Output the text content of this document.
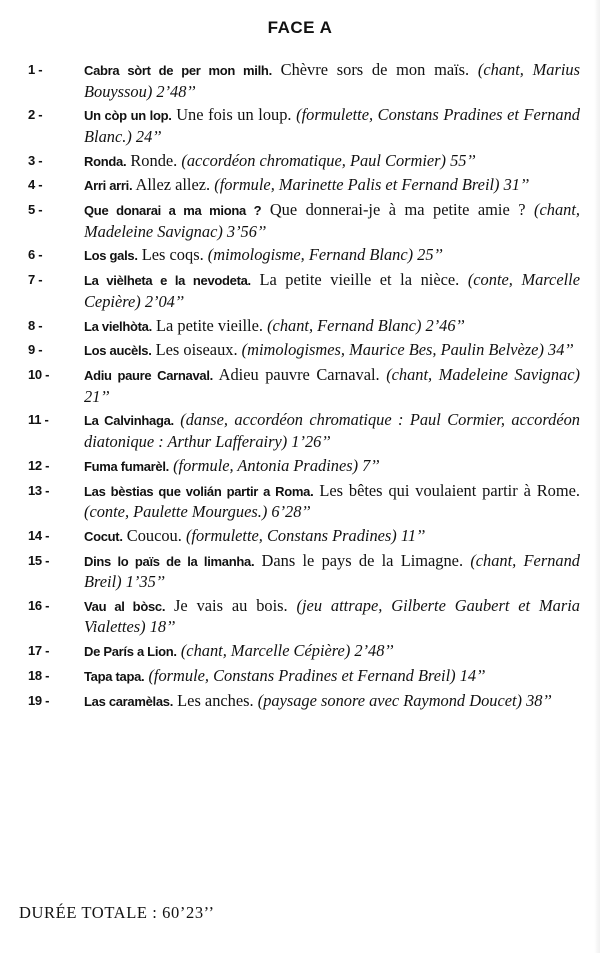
FACE A
1 -	Cabra sòrt de per mon milh. Chèvre sors de mon maïs. (chant, Marius Bouyssou) 2’48’’
2 -	Un còp un lop. Une fois un loup. (formulette, Constans Pradines et Fernand Blanc.) 24’’
3 -	Ronda. Ronde. (accordéon chromatique, Paul Cormier) 55’’
4 -	Arri arri. Allez allez. (formule, Marinette Palis et Fernand Breil) 31’’
5 -	Que donarai a ma miona ? Que donnerai-je à ma petite amie ? (chant, Madeleine Savignac) 3’56’’
6 -	Los gals. Les coqs. (mimologisme, Fernand Blanc) 25’’
7 -	La vièlheta e la nevodeta. La petite vieille et la nièce. (conte, Marcelle Cepière) 2’04’’
8 -	La vielhòta. La petite vieille. (chant, Fernand Blanc) 2’46’’
9 -	Los aucèls. Les oiseaux. (mimologismes, Maurice Bes, Paulin Belvèze) 34’’
10 -	Adiu paure Carnaval. Adieu pauvre Carnaval. (chant, Madeleine Savignac) 21’’
11 -	La Calvinhaga. (danse, accordéon chromatique : Paul Cormier, accordéon diatonique : Arthur Lafferairy) 1’26’’
12 -	Fuma fumarèl. (formule, Antonia Pradines) 7’’
13 -	Las bèstias que volián partir a Roma. Les bêtes qui voulaient partir à Rome. (conte, Paulette Mourgues.) 6’28’’
14 -	Cocut. Coucou. (formulette, Constans Pradines) 11’’
15 -	Dins lo païs de la limanha. Dans le pays de la Limagne. (chant, Fernand Breil) 1’35’’
16 -	Vau al bòsc. Je vais au bois. (jeu attrape, Gilberte Gaubert et Maria Vialettes) 18’’
17 -	De París a Lion. (chant, Marcelle Cépière) 2’48’’
18 -	Tapa tapa. (formule, Constans Pradines et Fernand Breil) 14’’
19 -	Las caramèlas. Les anches. (paysage sonore avec Raymond Doucet) 38’’
DURÉE TOTALE : 60’23’’
